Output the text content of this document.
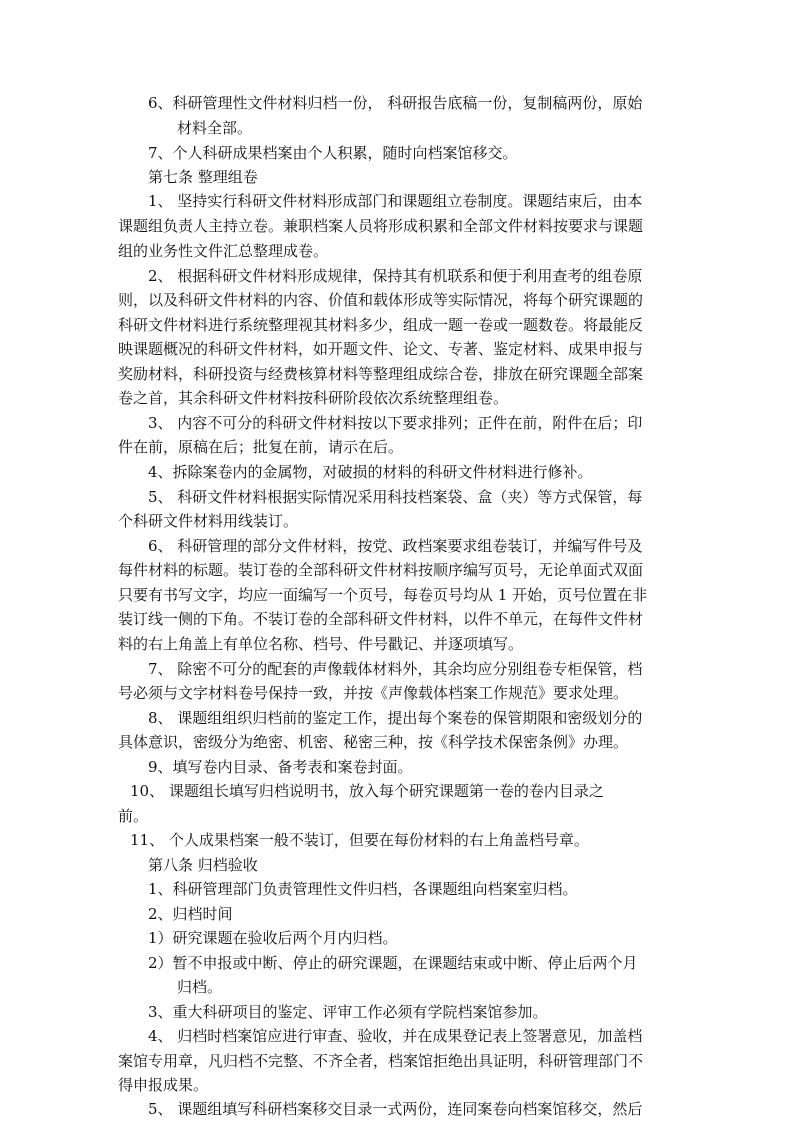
6、科研管理性文件材料归档一份， 科研报告底稿一份，复制稿两份，原始
材料全部。
7、个人科研成果档案由个人积累，随时向档案馆移交。
第七条 整理组卷
1、 坚持实行科研文件材料形成部门和课题组立卷制度。课题结束后，由本
课题组负责人主持立卷。兼职档案人员将形成积累和全部文件材料按要求与课题
组的业务性文件汇总整理成卷。
2、 根据科研文件材料形成规律，保持其有机联系和便于利用查考的组卷原
则，以及科研文件材料的内容、价值和载体形成等实际情况，将每个研究课题的
科研文件材料进行系统整理视其材料多少，组成一题一卷或一题数卷。将最能反
映课题概况的科研文件材料，如开题文件、论文、专著、鉴定材料、成果申报与
奖励材料，科研投资与经费核算材料等整理组成综合卷，排放在研究课题全部案
卷之首，其余科研文件材料按科研阶段依次系统整理组卷。
3、 内容不可分的科研文件材料按以下要求排列；正件在前，附件在后；印
件在前，原稿在后；批复在前，请示在后。
4、拆除案卷内的金属物，对破损的材料的科研文件材料进行修补。
5、 科研文件材料根据实际情况采用科技档案袋、盒（夹）等方式保管，每
个科研文件材料用线装订。
6、 科研管理的部分文件材料，按党、政档案要求组卷装订，并编写件号及
每件材料的标题。装订卷的全部科研文件材料按顺序编写页号，无论单面式双面
只要有书写文字，均应一面编写一个页号，每卷页号均从 1 开始，页号位置在非
装订线一侧的下角。不装订卷的全部科研文件材料，以件不单元，在每件文件材
料的右上角盖上有单位名称、档号、件号戳记、并逐项填写。
7、 除密不可分的配套的声像载体材料外，其余均应分别组卷专柜保管，档
号必须与文字材料卷号保持一致，并按《声像载体档案工作规范》要求处理。
8、 课题组组织归档前的鉴定工作，提出每个案卷的保管期限和密级划分的
具体意识，密级分为绝密、机密、秘密三种，按《科学技术保密条例》办理。
9、填写卷内目录、备考表和案卷封面。
10、 课题组长填写归档说明书，放入每个研究课题第一卷的卷内目录之
前。
11、 个人成果档案一般不装订，但要在每份材料的右上角盖档号章。
第八条 归档验收
1、科研管理部门负责管理性文件归档，各课题组向档案室归档。
2、归档时间
1）研究课题在验收后两个月内归档。
2）暂不申报或中断、停止的研究课题，在课题结束或中断、停止后两个月
归档。
3、重大科研项目的鉴定、评审工作必须有学院档案馆参加。
4、 归档时档案馆应进行审查、验收，并在成果登记表上签署意见，加盖档
案馆专用章，凡归档不完整、不齐全者，档案馆拒绝出具证明，科研管理部门不
得申报成果。
5、 课题组填写科研档案移交目录一式两份，连同案卷向档案馆移交，然后
